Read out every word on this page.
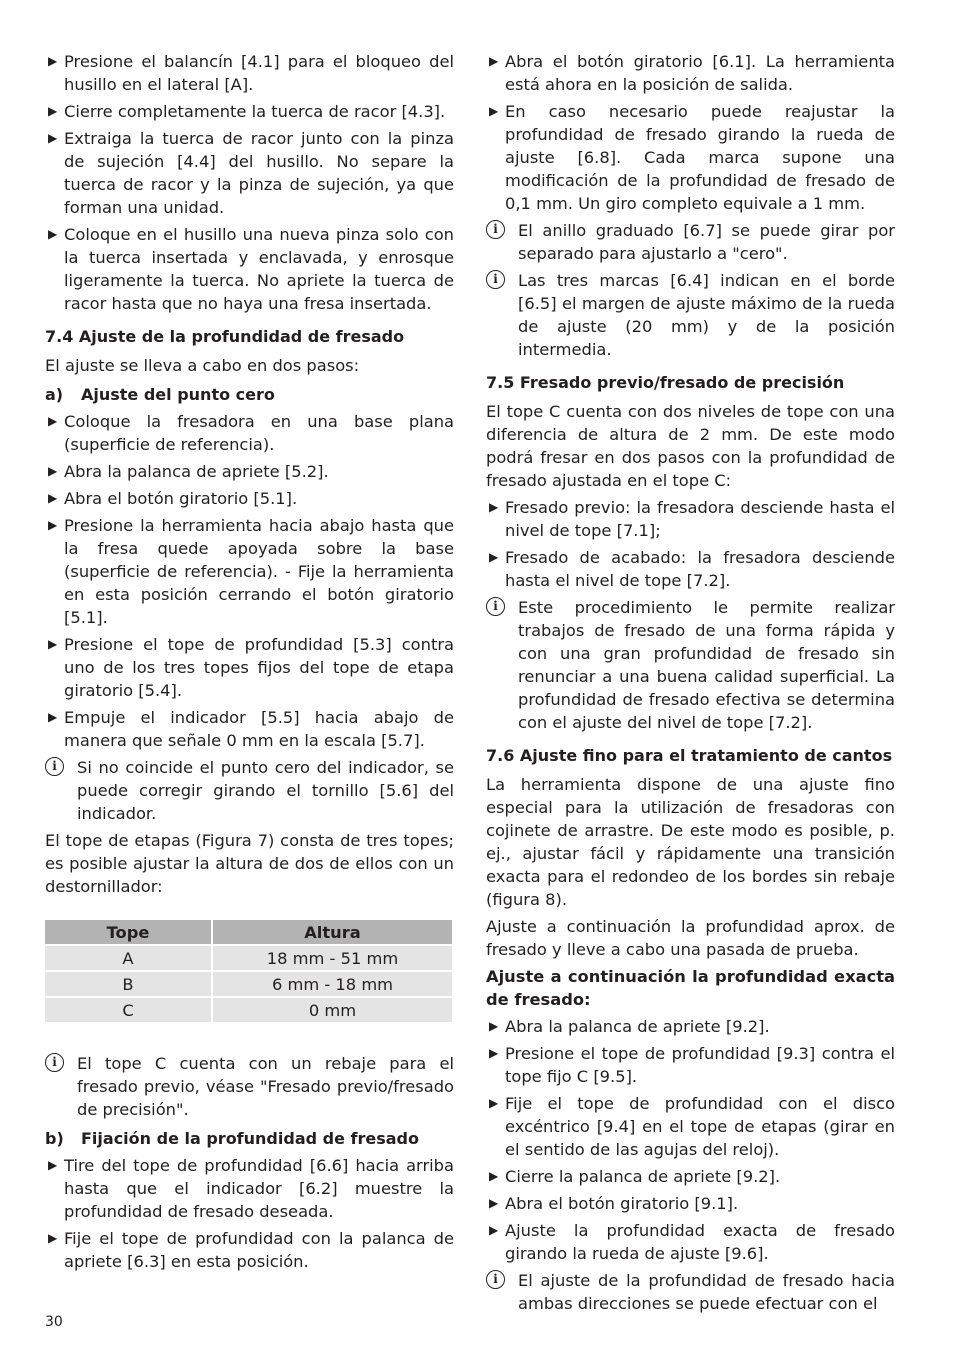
▶ Presione el balancín [4.1] para el bloqueo del husillo en el lateral [A].
▶ Cierre completamente la tuerca de racor [4.3].
▶ Extraiga la tuerca de racor junto con la pinza de sujeción [4.4] del husillo. No separe la tuerca de racor y la pinza de sujeción, ya que forman una unidad.
▶ Coloque en el husillo una nueva pinza solo con la tuerca insertada y enclavada, y enrosque ligeramente la tuerca. No apriete la tuerca de racor hasta que no haya una fresa insertada.
7.4 Ajuste de la profundidad de fresado

El ajuste se lleva a cabo en dos pasos:

a) Ajuste del punto cero
▶ Coloque la fresadora en una base plana (superficie de referencia).
▶ Abra la palanca de apriete [5.2].
▶ Abra el botón giratorio [5.1].
▶ Presione la herramienta hacia abajo hasta que la fresa quede apoyada sobre la base (superficie de referencia). - Fije la herramienta en esta posición cerrando el botón giratorio [5.1].
▶ Presione el tope de profundidad [5.3] contra uno de los tres topes fijos del tope de etapa giratorio [5.4].
▶ Empuje el indicador [5.5] hacia abajo de manera que señale 0 mm en la escala [5.7].
i	Si no coincide el punto cero del indicador, se puede corregir girando el tornillo [5.6] del indicador.

El tope de etapas (Figura 7) consta de tres topes; es posible ajustar la altura de dos de ellos con un destornillador:

Tope	Altura
A	18 mm - 51 mm
B	6 mm - 18 mm
C	0 mm
i	El tope C cuenta con un rebaje para el fresado previo, véase "Fresado previo/fresado de precisión".
b) Fijación de la profundidad de fresado
▶ Tire del tope de profundidad [6.6] hacia arriba hasta que el indicador [6.2] muestre la profundidad de fresado deseada.
▶ Fije el tope de profundidad con la palanca de apriete [6.3] en esta posición.
▶ Abra el botón giratorio [6.1]. La herramienta está ahora en la posición de salida.
▶ En caso necesario puede reajustar la profundidad de fresado girando la rueda de ajuste [6.8]. Cada marca supone una modificación de la profundidad de fresado de 0,1 mm. Un giro completo equivale a 1 mm.
i	El anillo graduado [6.7] se puede girar por separado para ajustarlo a "cero".
i	Las tres marcas [6.4] indican en el borde [6.5] el margen de ajuste máximo de la rueda de ajuste (20 mm) y de la posición intermedia.
7.5 Fresado previo/fresado de precisión

El tope C cuenta con dos niveles de tope con una diferencia de altura de 2 mm. De este modo podrá fresar en dos pasos con la profundidad de fresado ajustada en el tope C:

▶ Fresado previo: la fresadora desciende hasta el nivel de tope [7.1];
▶ Fresado de acabado: la fresadora desciende hasta el nivel de tope [7.2].
i	Este procedimiento le permite realizar trabajos de fresado de una forma rápida y con una gran profundidad de fresado sin renunciar a una buena calidad superficial. La profundidad de fresado efectiva se determina con el ajuste del nivel de tope [7.2].
7.6 Ajuste fino para el tratamiento de cantos

La herramienta dispone de una ajuste fino especial para la utilización de fresadoras con cojinete de arrastre. De este modo es posible, p. ej., ajustar fácil y rápidamente una transición exacta para el redondeo de los bordes sin rebaje (figura 8).

Ajuste a continuación la profundidad aprox. de fresado y lleve a cabo una pasada de prueba.

Ajuste a continuación la profundidad exacta de fresado:

▶ Abra la palanca de apriete [9.2].
▶ Presione el tope de profundidad [9.3] contra el tope fijo C [9.5].
▶ Fije el tope de profundidad con el disco excéntrico [9.4] en el tope de etapas (girar en el sentido de las agujas del reloj).
▶ Cierre la palanca de apriete [9.2].
▶ Abra el botón giratorio [9.1].
▶ Ajuste la profundidad exacta de fresado girando la rueda de ajuste [9.6].
i	El ajuste de la profundidad de fresado hacia ambas direcciones se puede efectuar con el
30
